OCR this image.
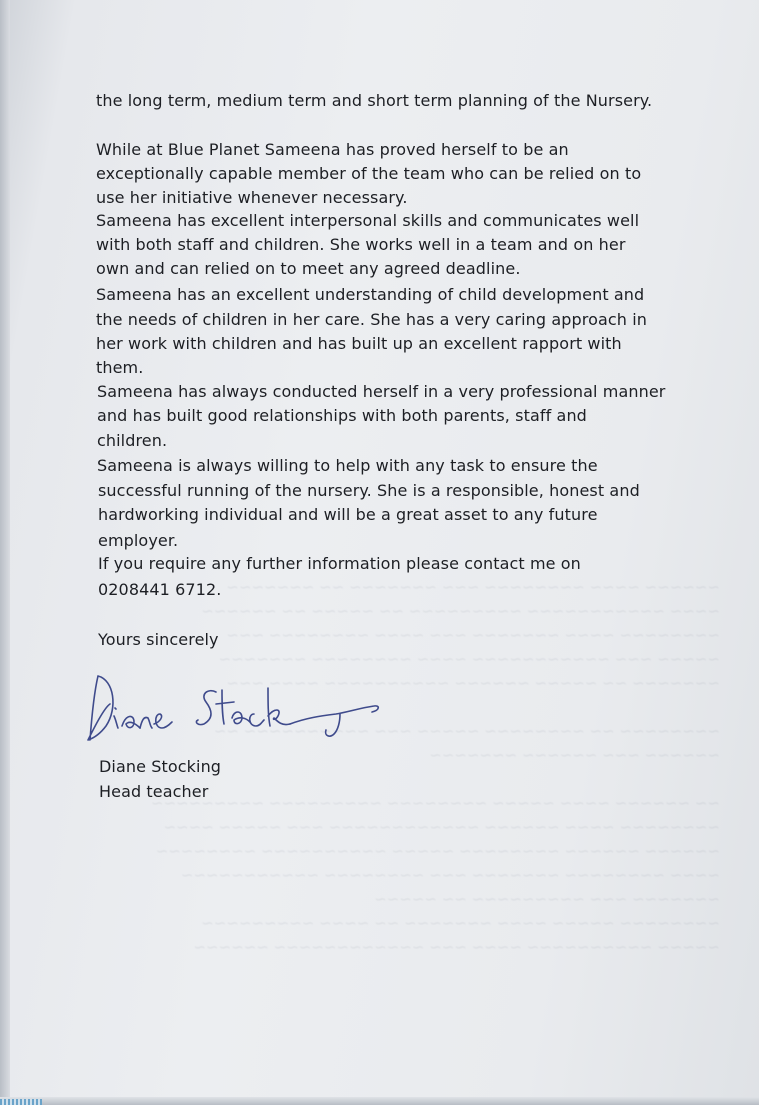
~~~~~~ ~~~~ ~~~~~~~~ ~~~ ~~~~~~~ ~~ ~~~~~~~
~~~~ ~~~~~~~~~~~ ~~~~~~~~~ ~~ ~~~~~ ~~ ~~~~~~
~~~~~~~~ ~~~~ ~~~~~~~ ~~~ ~~~~ ~~~~~~~~ ~~~
~~~~~ ~~~ ~~~~~~~~~~~ ~~~~ ~~~~~~~~ ~~~~~~~
~~~~~~~ ~~ ~~~~~ ~~~~~~ ~~~~~~~~~~ ~~~~ ~~~

~~~~~~~~ ~~ ~~~~~~~~ ~~~~~ ~~~ ~~~~~~~~~~ ~~
~~~~~~ ~~~ ~~~~~~ ~~~~~~~

~~ ~~~~~~ ~~~~ ~~~~~ ~~~~~~~~ ~~~~~~~~~ ~~~~~~~~~
~~~~~~~~ ~~~~ ~~~~~~ ~~~~~~~~~~~~ ~~~ ~~~~~ ~~~~
~~~~~~ ~~~~~~ ~~~~~~~~ ~~~~~ ~~~~~~~~~~ ~~~~~~~~
~~~~ ~~~~~~~~ ~~~~~~~ ~~~ ~~~~~~~~ ~~~~~~~~~~~
~~~~~~~ ~~~ ~~~~~~~~~ ~~ ~~~~~
~~~~~~~~ ~~~~~ ~~~~ ~~~~~~~ ~~ ~~~~ ~~~~~~~~~
~~~~~ ~~~~~~~~~~ ~~~~ ~~~ ~~~~~~~~~~~~ ~~~~~~
the long term, medium term and short term planning of the Nursery.
While at Blue Planet Sameena has proved herself to be an
exceptionally capable member of the team who can be relied on to
use her initiative whenever necessary.
Sameena has excellent interpersonal skills and communicates well
with both staff and children. She works well in a team and on her
own and can relied on to meet any agreed deadline.
Sameena has an excellent understanding of child development and
the needs of children in her care. She has a very caring approach in
her work with children and has built up an excellent rapport with
them.
Sameena has always conducted herself in a very professional manner
and has built good relationships with both parents, staff and
children.
Sameena is always willing to help with any task to ensure the
successful running of the nursery. She is a responsible, honest and
hardworking individual and will be a great asset to any future
employer.
If you require any further information please contact me on
0208441 6712.
Yours sincerely
Diane Stocking
Head teacher
